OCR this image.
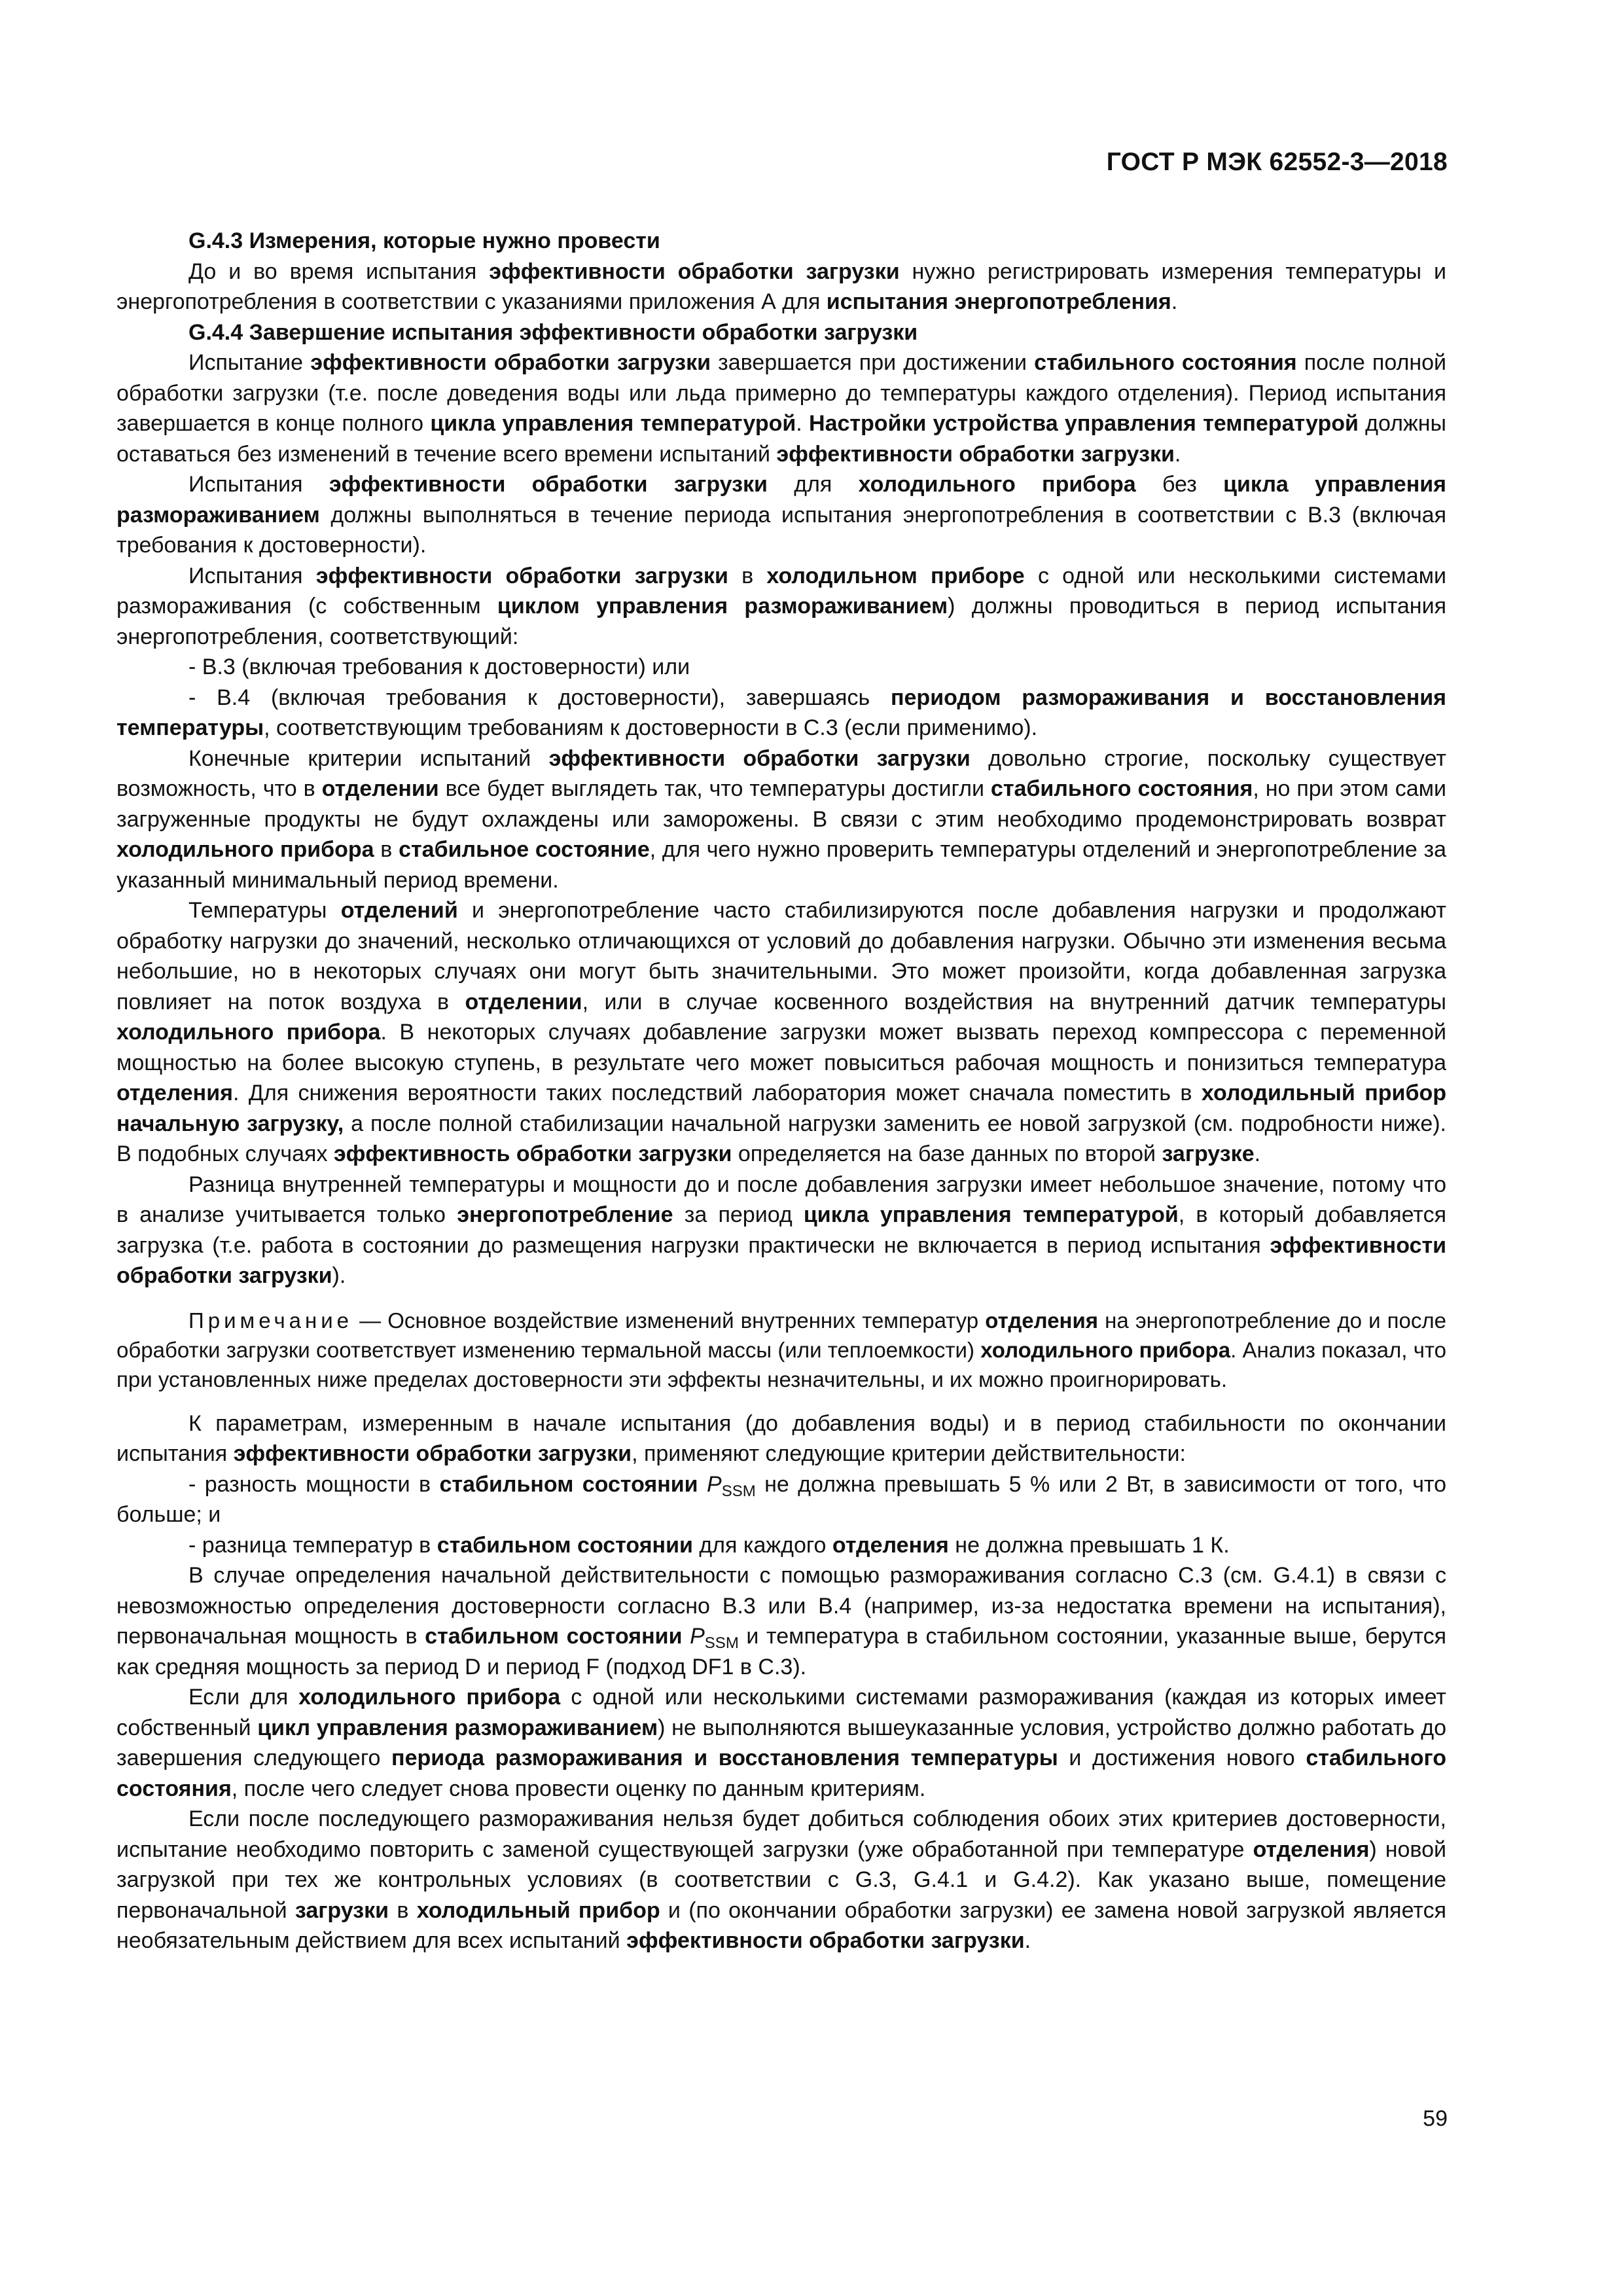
ГОСТ Р МЭК 62552-3—2018

G.4.3 Измерения, которые нужно провести

До и во время испытания эффективности обработки загрузки нужно регистрировать измерения температуры и энергопотребления в соответствии с указаниями приложения А для испытания энергопотребления.

G.4.4 Завершение испытания эффективности обработки загрузки

Испытание эффективности обработки загрузки завершается при достижении стабильного состояния после полной обработки загрузки (т.е. после доведения воды или льда примерно до температуры каждого отделения). Период испытания завершается в конце полного цикла управления температурой. Настройки устройства управления температурой должны оставаться без изменений в течение всего времени испытаний эффективности обработки загрузки.

Испытания эффективности обработки загрузки для холодильного прибора без цикла управления размораживанием должны выполняться в течение периода испытания энергопотребления в соответствии с В.3 (включая требования к достоверности).

Испытания эффективности обработки загрузки в холодильном приборе с одной или несколькими системами размораживания (с собственным циклом управления размораживанием) должны проводиться в период испытания энергопотребления, соответствующий:

- В.3 (включая требования к достоверности) или

- В.4 (включая требования к достоверности), завершаясь периодом размораживания и восстановления температуры, соответствующим требованиям к достоверности в С.3 (если применимо).

Конечные критерии испытаний эффективности обработки загрузки довольно строгие, поскольку существует возможность, что в отделении все будет выглядеть так, что температуры достигли стабильного состояния, но при этом сами загруженные продукты не будут охлаждены или заморожены. В связи с этим необходимо продемонстрировать возврат холодильного прибора в стабильное состояние, для чего нужно проверить температуры отделений и энергопотребление за указанный минимальный период времени.

Температуры отделений и энергопотребление часто стабилизируются после добавления нагрузки и продолжают обработку нагрузки до значений, несколько отличающихся от условий до добавления нагрузки. Обычно эти изменения весьма небольшие, но в некоторых случаях они могут быть значительными. Это может произойти, когда добавленная загрузка повлияет на поток воздуха в отделении, или в случае косвенного воздействия на внутренний датчик температуры холодильного прибора. В некоторых случаях добавление загрузки может вызвать переход компрессора с переменной мощностью на более высокую ступень, в результате чего может повыситься рабочая мощность и понизиться температура отделения. Для снижения вероятности таких последствий лаборатория может сначала поместить в холодильный прибор начальную загрузку, а после полной стабилизации начальной нагрузки заменить ее новой загрузкой (см. подробности ниже). В подобных случаях эффективность обработки загрузки определяется на базе данных по второй загрузке.

Разница внутренней температуры и мощности до и после добавления загрузки имеет небольшое значение, потому что в анализе учитывается только энергопотребление за период цикла управления температурой, в который добавляется загрузка (т.е. работа в состоянии до размещения нагрузки практически не включается в период испытания эффективности обработки загрузки).

Примечание — Основное воздействие изменений внутренних температур отделения на энергопотребление до и после обработки загрузки соответствует изменению термальной массы (или теплоемкости) холодильного прибора. Анализ показал, что при установленных ниже пределах достоверности эти эффекты незначительны, и их можно проигнорировать.

К параметрам, измеренным в начале испытания (до добавления воды) и в период стабильности по окончании испытания эффективности обработки загрузки, применяют следующие критерии действительности:

- разность мощности в стабильном состоянии $P_{SSM}$ не должна превышать 5 % или 2 Вт, в зависимости от того, что больше; и

- разница температур в стабильном состоянии для каждого отделения не должна превышать 1 К.

В случае определения начальной действительности с помощью размораживания согласно С.3 (см. G.4.1) в связи с невозможностью определения достоверности согласно В.3 или В.4 (например, из-за недостатка времени на испытания), первоначальная мощность в стабильном состоянии $P_{SSM}$ и температура в стабильном состоянии, указанные выше, берутся как средняя мощность за период D и период F (подход DF1 в С.3).

Если для холодильного прибора с одной или несколькими системами размораживания (каждая из которых имеет собственный цикл управления размораживанием) не выполняются вышеуказанные условия, устройство должно работать до завершения следующего периода размораживания и восстановления температуры и достижения нового стабильного состояния, после чего следует снова провести оценку по данным критериям.

Если после последующего размораживания нельзя будет добиться соблюдения обоих этих критериев достоверности, испытание необходимо повторить с заменой существующей загрузки (уже обработанной при температуре отделения) новой загрузкой при тех же контрольных условиях (в соответствии с G.3, G.4.1 и G.4.2). Как указано выше, помещение первоначальной загрузки в холодильный прибор и (по окончании обработки загрузки) ее замена новой загрузкой является необязательным действием для всех испытаний эффективности обработки загрузки.

59
